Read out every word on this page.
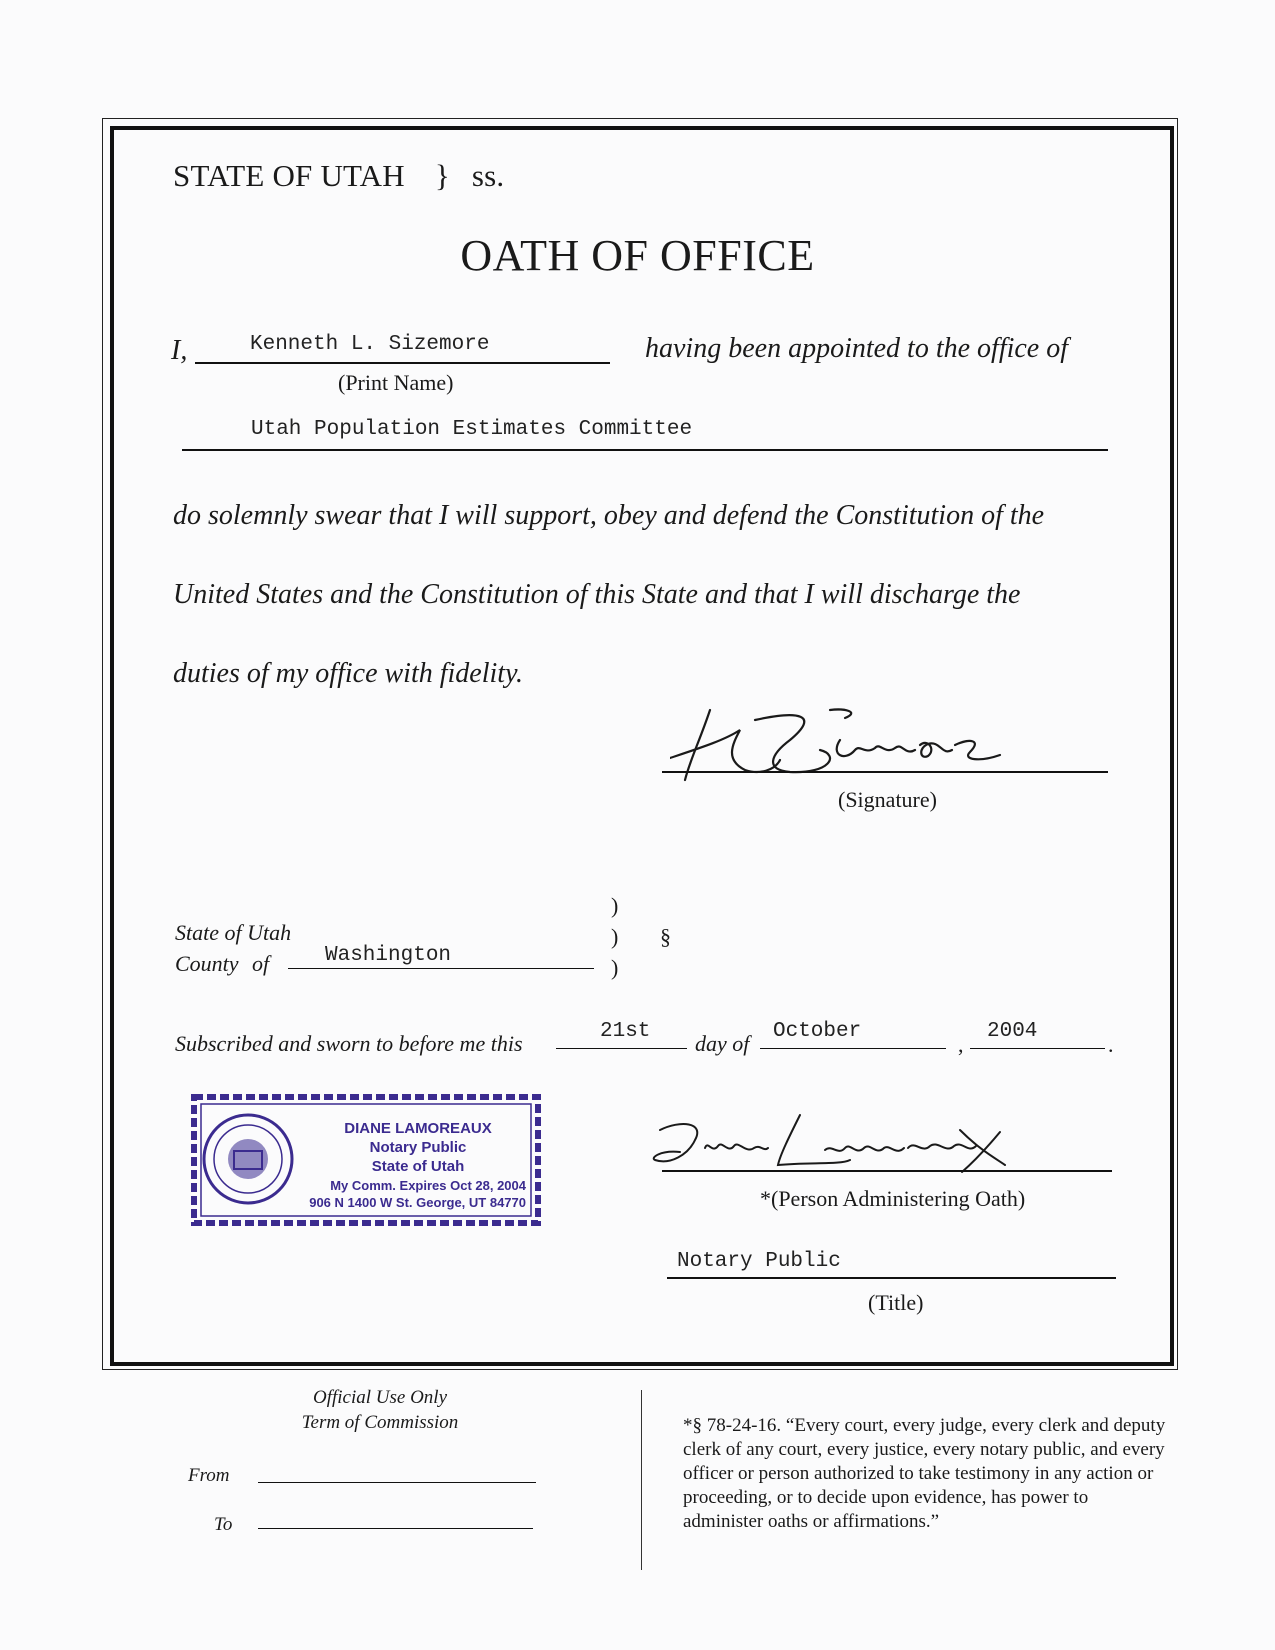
STATE OF UTAH } ss.
OATH OF OFFICE
I,	Kenneth L. Sizemore
(Print Name)
having been appointed to the office of
Utah Population Estimates Committee
do solemnly swear that I will support, obey and defend the Constitution of the
United States and the Constitution of this State and that I will discharge the
duties of my office with fidelity.
(Signature)
)
)
)
§
State of Utah
County of	Washington
Subscribed and sworn to before me this	21st day of October
,
2004
.
DIANE LAMOREAUX
Notary Public
State of Utah
My Comm. Expires Oct 28, 2004
906 N 1400 W St. George, UT 84770	*(Person Administering Oath)
Notary Public
(Title)
Official Use Only
Term of Commission
From
To
*§ 78-24-16. “Every court, every judge, every clerk and deputy clerk of any court, every justice, every notary public, and every officer or person authorized to take testimony in any action or proceeding, or to decide upon evidence, has power to administer oaths or affirmations.”
